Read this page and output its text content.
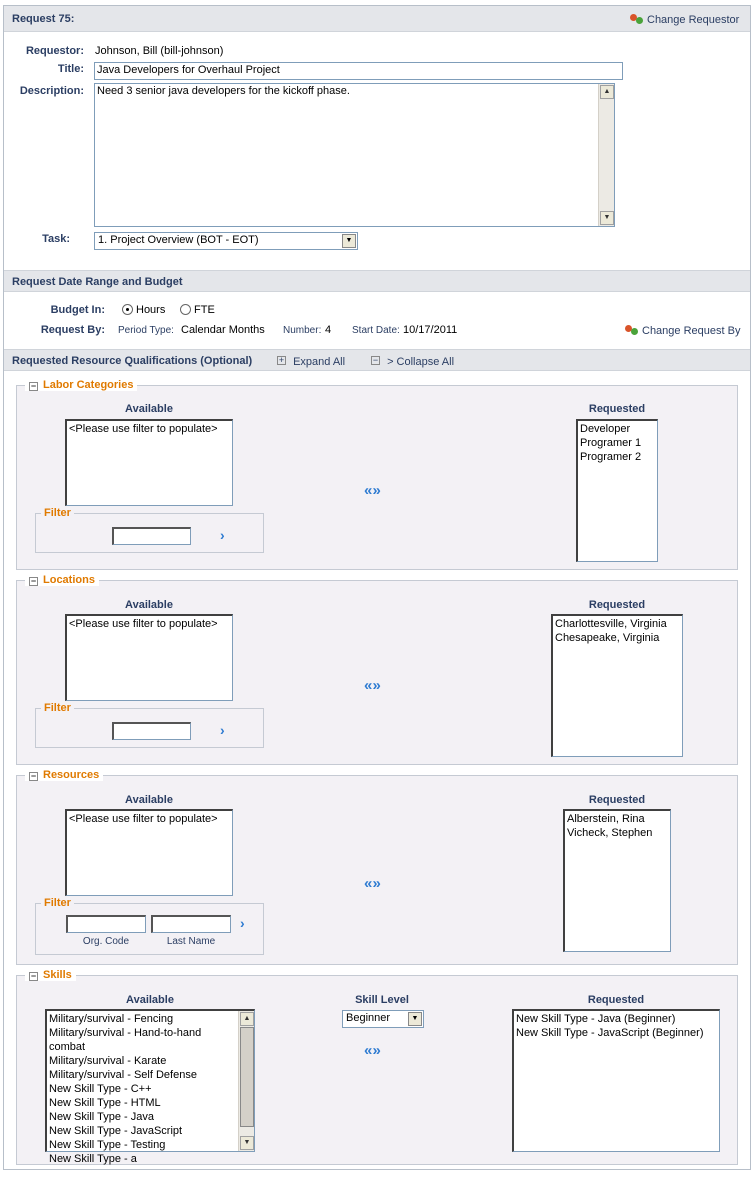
Request 75:	Change Requestor
Requestor: Johnson, Bill (bill-johnson)
Title: Java Developers for Overhaul Project
Description: Need 3 senior java developers for the kickoff phase.	▲
▼
Task:	1. Project Overview (BOT - EOT)	▼
Request Date Range and Budget
Budget In:	Hours	FTE
Request By: Period Type: Calendar Months Number: 4 Start Date: 10/17/2011	Change Request By
Requested Resource Qualifications (Optional)	+ Expand All	− > Collapse All
− Labor Categories
Available
<Please use filter to populate>
Filter
›
« »
Requested
Developer
Programer 1
Programer 2
− Locations
Available
<Please use filter to populate>
Filter
›
« »
Requested
Charlottesville, Virginia
Chesapeake, Virginia
− Resources
Available
<Please use filter to populate>
Filter
›
Org. Code	Last Name
« »
Requested
Alberstein, Rina
Vicheck, Stephen
− Skills
Available
Military/survival - Fencing
Military/survival - Hand-to-hand combat
Military/survival - Karate
Military/survival - Self Defense
New Skill Type - C++
New Skill Type - HTML
New Skill Type - Java
New Skill Type - JavaScript
New Skill Type - Testing
New Skill Type - a
▲
▼
Skill Level
Beginner	▼
« »
Requested
New Skill Type - Java (Beginner)
New Skill Type - JavaScript (Beginner)
